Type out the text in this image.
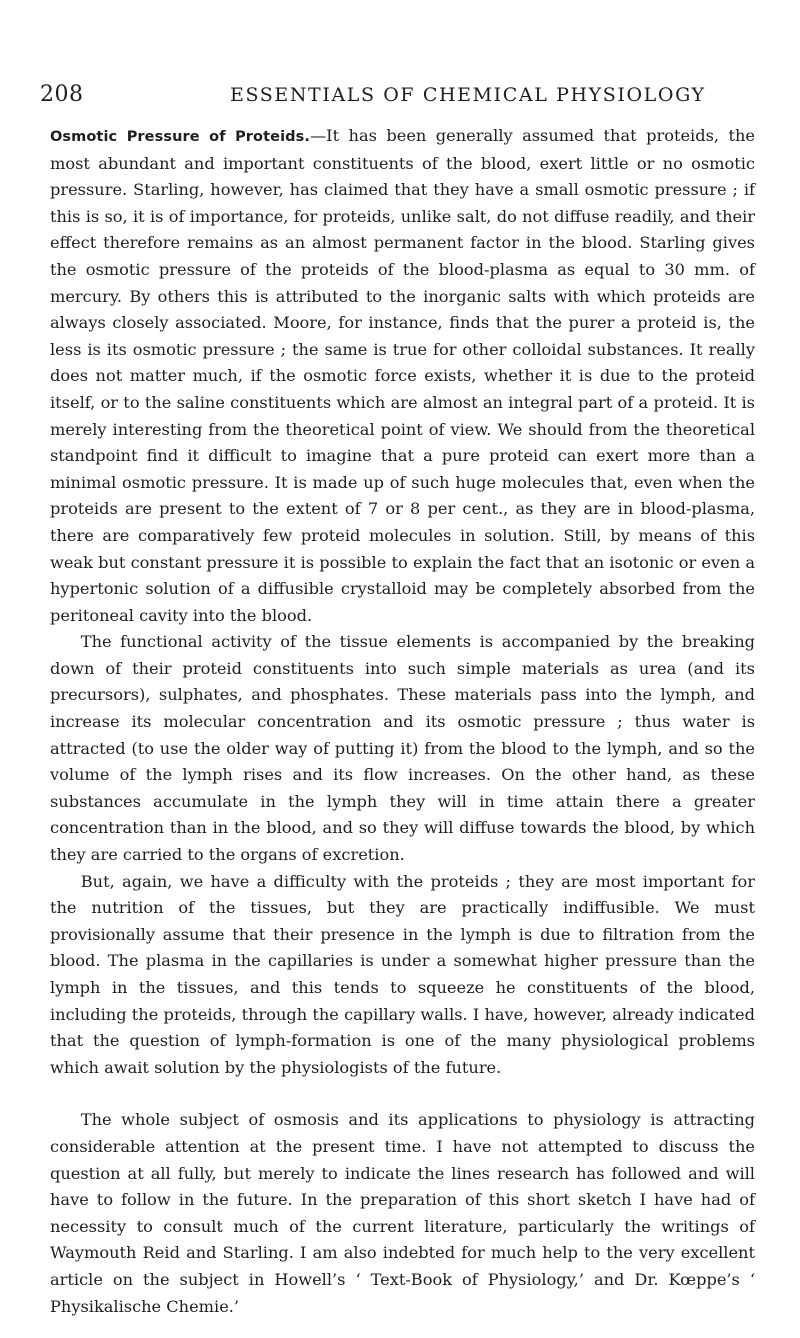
208	ESSENTIALS OF CHEMICAL PHYSIOLOGY

Osmotic Pressure of Proteids.—It has been generally assumed that proteids, the most abundant and important constituents of the blood, exert little or no osmotic pressure. Starling, however, has claimed that they have a small osmotic pressure ; if this is so, it is of importance, for proteids, unlike salt, do not diffuse readily, and their effect therefore remains as an almost permanent factor in the blood. Starling gives the osmotic pressure of the proteids of the blood-plasma as equal to 30 mm. of mercury. By others this is attributed to the inorganic salts with which proteids are always closely associated. Moore, for instance, finds that the purer a proteid is, the less is its osmotic pressure ; the same is true for other colloidal substances. It really does not matter much, if the osmotic force exists, whether it is due to the proteid itself, or to the saline constituents which are almost an integral part of a proteid. It is merely interesting from the theoretical point of view. We should from the theoretical standpoint find it difficult to imagine that a pure proteid can exert more than a minimal osmotic pressure. It is made up of such huge molecules that, even when the proteids are present to the extent of 7 or 8 per cent., as they are in blood-plasma, there are comparatively few proteid molecules in solution. Still, by means of this weak but constant pressure it is possible to explain the fact that an isotonic or even a hypertonic solution of a diffusible crystalloid may be completely absorbed from the peritoneal cavity into the blood.

The functional activity of the tissue elements is accompanied by the breaking down of their proteid constituents into such simple materials as urea (and its precursors), sulphates, and phosphates. These materials pass into the lymph, and increase its molecular concentration and its osmotic pressure ; thus water is attracted (to use the older way of putting it) from the blood to the lymph, and so the volume of the lymph rises and its flow increases. On the other hand, as these substances accumulate in the lymph they will in time attain there a greater concentration than in the blood, and so they will diffuse towards the blood, by which they are carried to the organs of excretion.

But, again, we have a difficulty with the proteids ; they are most important for the nutrition of the tissues, but they are practically indiffusible. We must provisionally assume that their presence in the lymph is due to filtration from the blood. The plasma in the capillaries is under a somewhat higher pressure than the lymph in the tissues, and this tends to squeeze he constituents of the blood, including the proteids, through the capillary walls. I have, however, already indicated that the question of lymph-formation is one of the many physiological problems which await solution by the physiologists of the future.

The whole subject of osmosis and its applications to physiology is attracting considerable attention at the present time. I have not attempted to discuss the question at all fully, but merely to indicate the lines research has followed and will have to follow in the future. In the preparation of this short sketch I have had of necessity to consult much of the current literature, particularly the writings of Waymouth Reid and Starling. I am also indebted for much help to the very excellent article on the subject in Howell’s ‘ Text-Book of Physiology,’ and Dr. Kœppe’s ‘ Physikalische Chemie.’
